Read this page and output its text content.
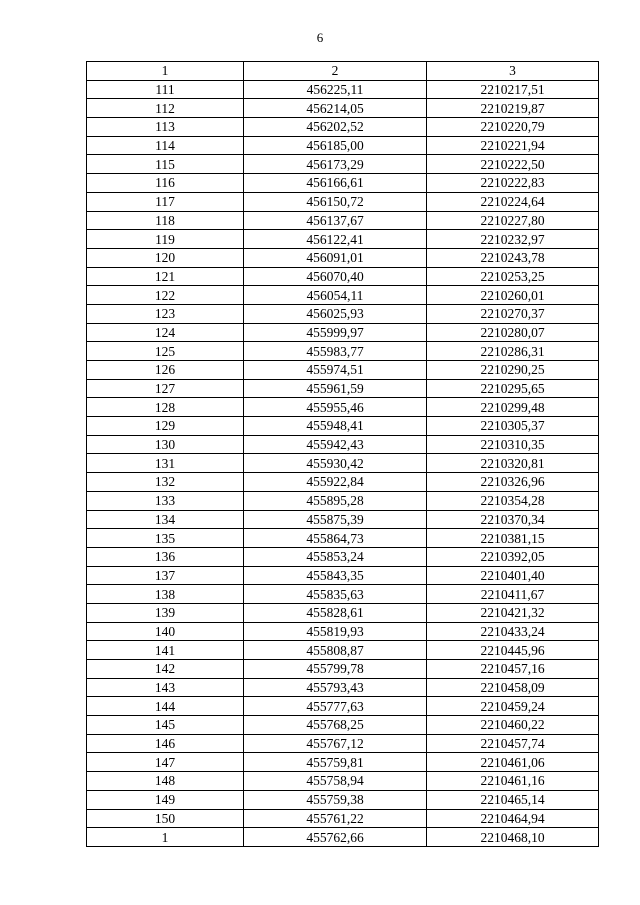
6
1	2	3
111	456225,11	2210217,51
112	456214,05	2210219,87
113	456202,52	2210220,79
114	456185,00	2210221,94
115	456173,29	2210222,50
116	456166,61	2210222,83
117	456150,72	2210224,64
118	456137,67	2210227,80
119	456122,41	2210232,97
120	456091,01	2210243,78
121	456070,40	2210253,25
122	456054,11	2210260,01
123	456025,93	2210270,37
124	455999,97	2210280,07
125	455983,77	2210286,31
126	455974,51	2210290,25
127	455961,59	2210295,65
128	455955,46	2210299,48
129	455948,41	2210305,37
130	455942,43	2210310,35
131	455930,42	2210320,81
132	455922,84	2210326,96
133	455895,28	2210354,28
134	455875,39	2210370,34
135	455864,73	2210381,15
136	455853,24	2210392,05
137	455843,35	2210401,40
138	455835,63	2210411,67
139	455828,61	2210421,32
140	455819,93	2210433,24
141	455808,87	2210445,96
142	455799,78	2210457,16
143	455793,43	2210458,09
144	455777,63	2210459,24
145	455768,25	2210460,22
146	455767,12	2210457,74
147	455759,81	2210461,06
148	455758,94	2210461,16
149	455759,38	2210465,14
150	455761,22	2210464,94
1	455762,66	2210468,10
